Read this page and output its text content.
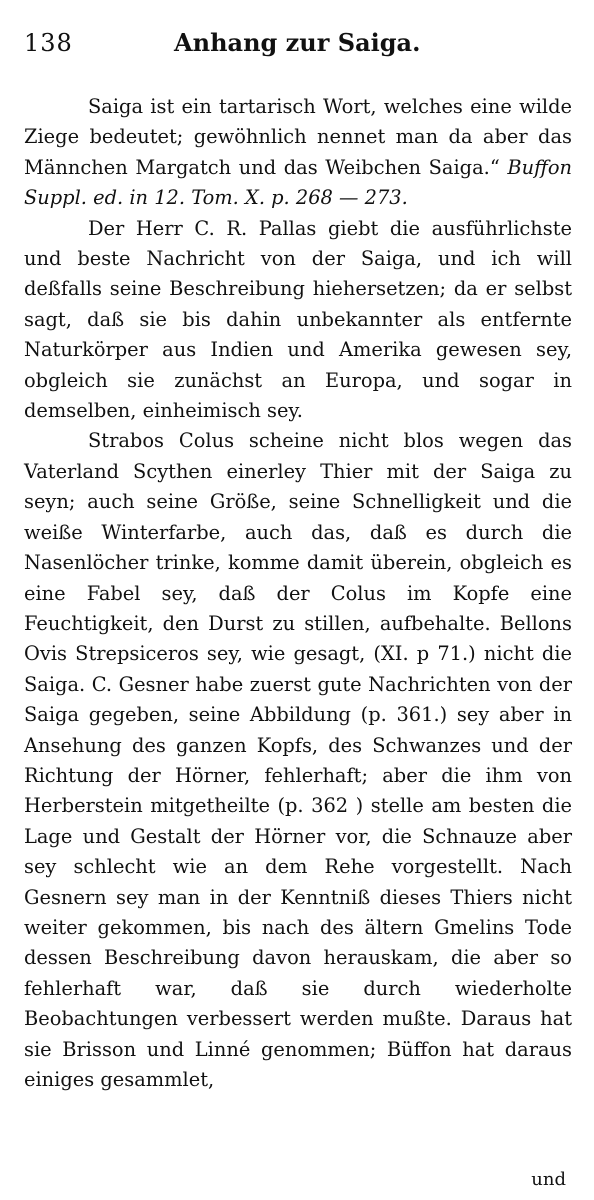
138	Anhang zur Saiga.

Saiga ist ein tartarisch Wort, welches eine wilde Ziege bedeutet; gewöhnlich nennet man da aber das Männchen Margatch und das Weibchen Saiga.“ Buffon Suppl. ed. in 12. Tom. X. p. 268 — 273.

Der Herr C. R. Pallas giebt die ausführlichste und beste Nachricht von der Saiga, und ich will deßfalls seine Beschreibung hiehersetzen; da er selbst sagt, daß sie bis dahin unbekannter als entfernte Naturkörper aus Indien und Amerika gewesen sey, obgleich sie zunächst an Europa, und sogar in demselben, einheimisch sey.

Strabos Colus scheine nicht blos wegen das Vaterland Scythen einerley Thier mit der Saiga zu seyn; auch seine Größe, seine Schnelligkeit und die weiße Winterfarbe, auch das, daß es durch die Nasenlöcher trinke, komme damit überein, obgleich es eine Fabel sey, daß der Colus im Kopfe eine Feuchtigkeit, den Durst zu stillen, aufbehalte. Bellons Ovis Strepsiceros sey, wie gesagt, (XI. p 71.) nicht die Saiga. C. Gesner habe zuerst gute Nachrichten von der Saiga gegeben, seine Abbildung (p. 361.) sey aber in Ansehung des ganzen Kopfs, des Schwanzes und der Richtung der Hörner, fehlerhaft; aber die ihm von Herberstein mitgetheilte (p. 362 ) stelle am besten die Lage und Gestalt der Hörner vor, die Schnauze aber sey schlecht wie an dem Rehe vorgestellt. Nach Gesnern sey man in der Kenntniß dieses Thiers nicht weiter gekommen, bis nach des ältern Gmelins Tode dessen Beschreibung davon herauskam, die aber so fehlerhaft war, daß sie durch wiederholte Beobachtungen verbessert werden mußte. Daraus hat sie Brisson und Linné genommen; Büffon hat daraus einiges gesammlet,

und
